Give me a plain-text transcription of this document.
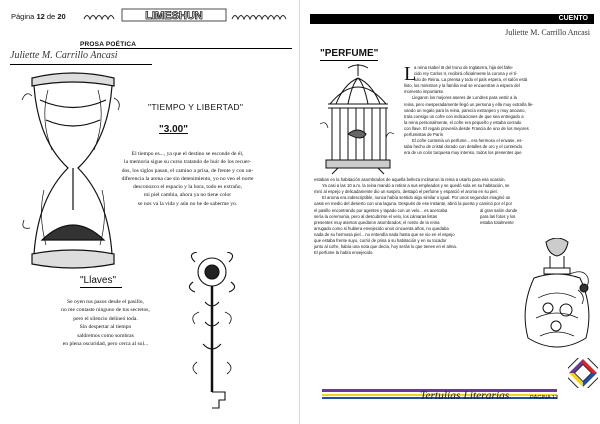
Página 12 de 20	LIMESHUN
PROSA POÉTICA
Juliette M. Carrillo Ancasi
"TIEMPO Y LIBERTAD"
"3.00"
El tiempo es..., ya que el destino se esconde de él,
la memoria sigue su curso tratando de huir de los recuer-
dos, los siglos pasan, el camino a prisa, de frente y con un-
diferencia la arena cae sin detenimiento, yo no veo el norte
desconozco el espacio y la hora, todo es extraño,
mi piel cambia, ahora ya no tiene color
se nos va la vida y aún no he de saberme yo.
"Llaves"
Se oyen tus pasos desde el pasillo,
no me contaste ninguno de tus secretos,
pero el silencio delineó toda.
Sin despertar al tiempo
saldremos como sombras
en plena oscuridad, pero cerca al sol...
CUENTO
Juliette M. Carrillo Ancasi
"PERFUME"
L
a reina Isabel III del trono de Inglaterra, hija del falle-
cido rey Carlos II, recibirá oficialmente la corona y el tí-
tulo de Reina. La prensa y todo el país espera, el salón está
listo, los ministros y la familia real se encuentran a espera del
momento importante.
Llegaron los mejores aseres de Londres para vestir a la
reina, pero inesperadamente llegó un persona y ella muy extraña lle-
vando un regalo para la reina, parecía extranjero y muy anciano,
traía consigo un cofre con indicaciones de que sea entregado a
la reina personalmente, el cofre era pequeño y estaba cerrado
con llave. El regalo provenía desde Francia de uno de los mejores
perfumistas de París
El cofre contenía un perfume... era hermoso el envase, es-
taba hecho de cristal dorado con detalles de oro y el contenido
era de un color turquesa muy intenso, todos los presentes que
estaban en la habitación asombrados de aquella belleza inclinaron la reina a usarlo para esa ocasión.
Ya casi a las 10 a.m. la reina mandó a retirar a sus empleados y se quedó sola en su habitación, se
miró al espejo y delicadamente dio un suspiro, destapó el perfume y esparció el aroma en su piel.
El aroma era indescriptible, nunca había sentido algo similar o igual. Por unos segundos imaginó un
oasis en medio del desierto con una laguna. Después de ese instante, abrió la puerta y caminó por el por
el pasillo encontrando por agentes y tapado con un velo... es acercaba
sería la ceremonia, pero al descubrirse el velo, los cámaras listas
presentes muy atentos quedaron asombrados; el rostro de la reina
arrugado como si hubiera envejecido unos cincuenta años, no quedaba
nada de su hermosa piel... no entendía nada hasta que se vio en el espejo
que estaba frente suyo, corrió de prisa a su habitación y en su tocador
junto al cofre, había una nota que decía, hoy serás lo que tienes en el alma.
El perfume la había envejecido.
al gran salón donde
para las fotos y los
estaba totalmente
Tertulias Literarias	PÁGINA 13
